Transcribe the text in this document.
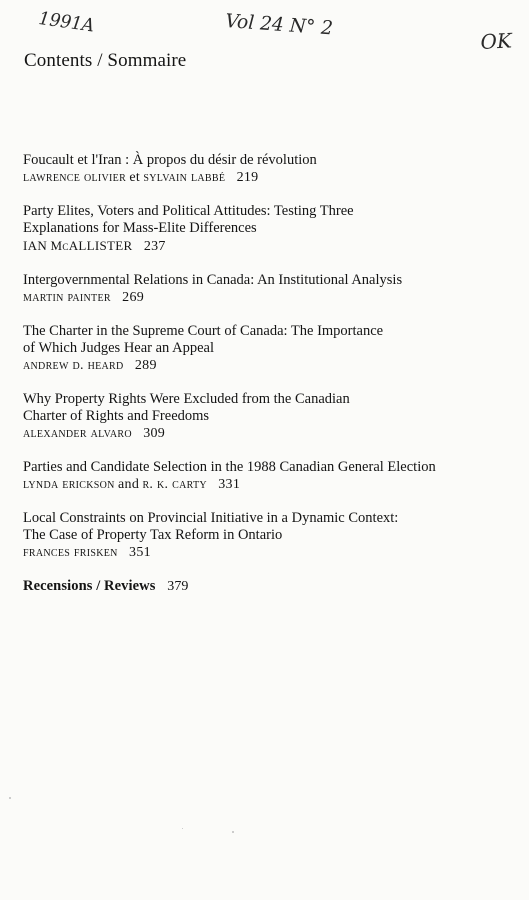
1991A	Vol 24 N° 2
OK
Contents / Sommaire
Foucault et l'Iran : À propos du désir de révolution
lawrence olivier et sylvain labbé 219
Party Elites, Voters and Political Attitudes: Testing Three
Explanations for Mass-Elite Differences
IAN McALLISTER 237
Intergovernmental Relations in Canada: An Institutional Analysis
martin painter 269
The Charter in the Supreme Court of Canada: The Importance
of Which Judges Hear an Appeal
andrew d. heard 289
Why Property Rights Were Excluded from the Canadian
Charter of Rights and Freedoms
alexander alvaro 309
Parties and Candidate Selection in the 1988 Canadian General Election
lynda erickson and r. k. carty 331
Local Constraints on Provincial Initiative in a Dynamic Context:
The Case of Property Tax Reform in Ontario
frances frisken 351
Recensions / Reviews 379
